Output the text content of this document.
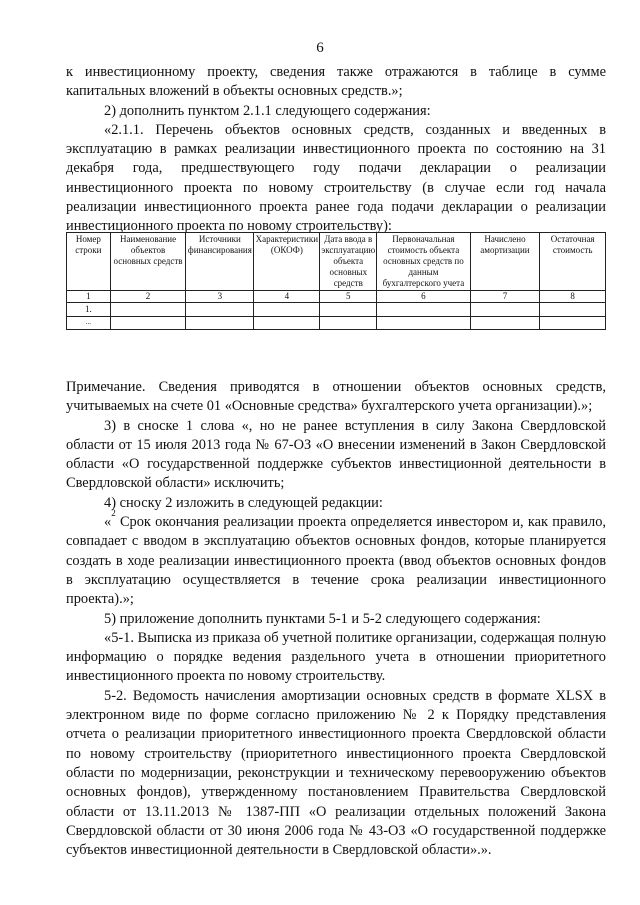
6

к инвестиционному проекту, сведения также отражаются в таблице в сумме капитальных вложений в объекты основных средств.»;

2) дополнить пунктом 2.1.1 следующего содержания:

«2.1.1. Перечень объектов основных средств, созданных и введенных в эксплуатацию в рамках реализации инвестиционного проекта по состоянию на 31 декабря года, предшествующего году подачи декларации о реализации инвестиционного проекта по новому строительству (в случае если год начала реализации инвестиционного проекта ранее года подачи декларации о реализации инвестиционного проекта по новому строительству):

Номер строки	Наименование объектов основных средств	Источники финансирования	Характеристики (ОКОФ)	Дата ввода в эксплуатацию объекта основных средств	Первоначальная стоимость объекта основных средств по данным бухгалтерского учета	Начислено амортизации	Остаточная стоимость
1	2	3	4	5	6	7	8
1.							
...							

Примечание. Сведения приводятся в отношении объектов основных средств, учитываемых на счете 01 «Основные средства» бухгалтерского учета организации).»;

3) в сноске 1 слова «, но не ранее вступления в силу Закона Свердловской области от 15 июля 2013 года № 67-ОЗ «О внесении изменений в Закон Свердловской области «О государственной поддержке субъектов инвестиционной деятельности в Свердловской области» исключить;

4) сноску 2 изложить в следующей редакции:

«$^2$ Срок окончания реализации проекта определяется инвестором и, как правило, совпадает с вводом в эксплуатацию объектов основных фондов, которые планируется создать в ходе реализации инвестиционного проекта (ввод объектов основных фондов в эксплуатацию осуществляется в течение срока реализации инвестиционного проекта).»;

5) приложение дополнить пунктами 5-1 и 5-2 следующего содержания:

«5-1. Выписка из приказа об учетной политике организации, содержащая полную информацию о порядке ведения раздельного учета в отношении приоритетного инвестиционного проекта по новому строительству.

5-2. Ведомость начисления амортизации основных средств в формате XLSX в электронном виде по форме согласно приложению № 2 к Порядку представления отчета о реализации приоритетного инвестиционного проекта Свердловской области по новому строительству (приоритетного инвестиционного проекта Свердловской области по модернизации, реконструкции и техническому перевооружению объектов основных фондов), утвержденному постановлением Правительства Свердловской области от 13.11.2013 № 1387-ПП «О реализации отдельных положений Закона Свердловской области от 30 июня 2006 года № 43-ОЗ «О государственной поддержке субъектов инвестиционной деятельности в Свердловской области».».
